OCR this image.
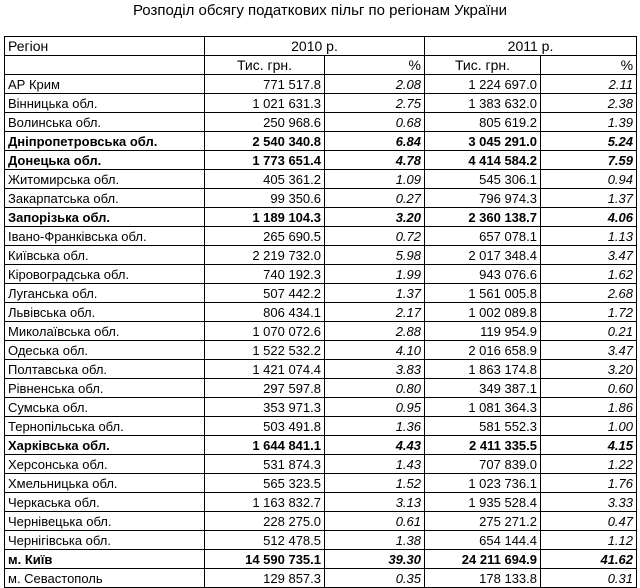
Розподіл обсягу податкових пільг по регіонам України
Регіон	2010 р.		2011 р.	
	Тис. грн.	%	Тис. грн.	%
АР Крим	771 517.8	2.08	1 224 697.0	2.11
Вінницька обл.	1 021 631.3	2.75	1 383 632.0	2.38
Волинська обл.	250 968.6	0.68	805 619.2	1.39
Дніпропетровська обл.	2 540 340.8	6.84	3 045 291.0	5.24
Донецька обл.	1 773 651.4	4.78	4 414 584.2	7.59
Житомирська обл.	405 361.2	1.09	545 306.1	0.94
Закарпатська обл.	99 350.6	0.27	796 974.3	1.37
Запорізька обл.	1 189 104.3	3.20	2 360 138.7	4.06
Івано-Франківська обл.	265 690.5	0.72	657 078.1	1.13
Київська обл.	2 219 732.0	5.98	2 017 348.4	3.47
Кіровоградська обл.	740 192.3	1.99	943 076.6	1.62
Луганська обл.	507 442.2	1.37	1 561 005.8	2.68
Львівська обл.	806 434.1	2.17	1 002 089.8	1.72
Миколаївська обл.	1 070 072.6	2.88	119 954.9	0.21
Одеська обл.	1 522 532.2	4.10	2 016 658.9	3.47
Полтавська обл.	1 421 074.4	3.83	1 863 174.8	3.20
Рівненська обл.	297 597.8	0.80	349 387.1	0.60
Сумська обл.	353 971.3	0.95	1 081 364.3	1.86
Тернопільська обл.	503 491.8	1.36	581 552.3	1.00
Харківська обл.	1 644 841.1	4.43	2 411 335.5	4.15
Херсонська обл.	531 874.3	1.43	707 839.0	1.22
Хмельницька обл.	565 323.5	1.52	1 023 736.1	1.76
Черкаська обл.	1 163 832.7	3.13	1 935 528.4	3.33
Чернівецька обл.	228 275.0	0.61	275 271.2	0.47
Чернігівська обл.	512 478.5	1.38	654 144.4	1.12
м. Київ	14 590 735.1	39.30	24 211 694.9	41.62
м. Севастополь	129 857.3	0.35	178 133.8	0.31
